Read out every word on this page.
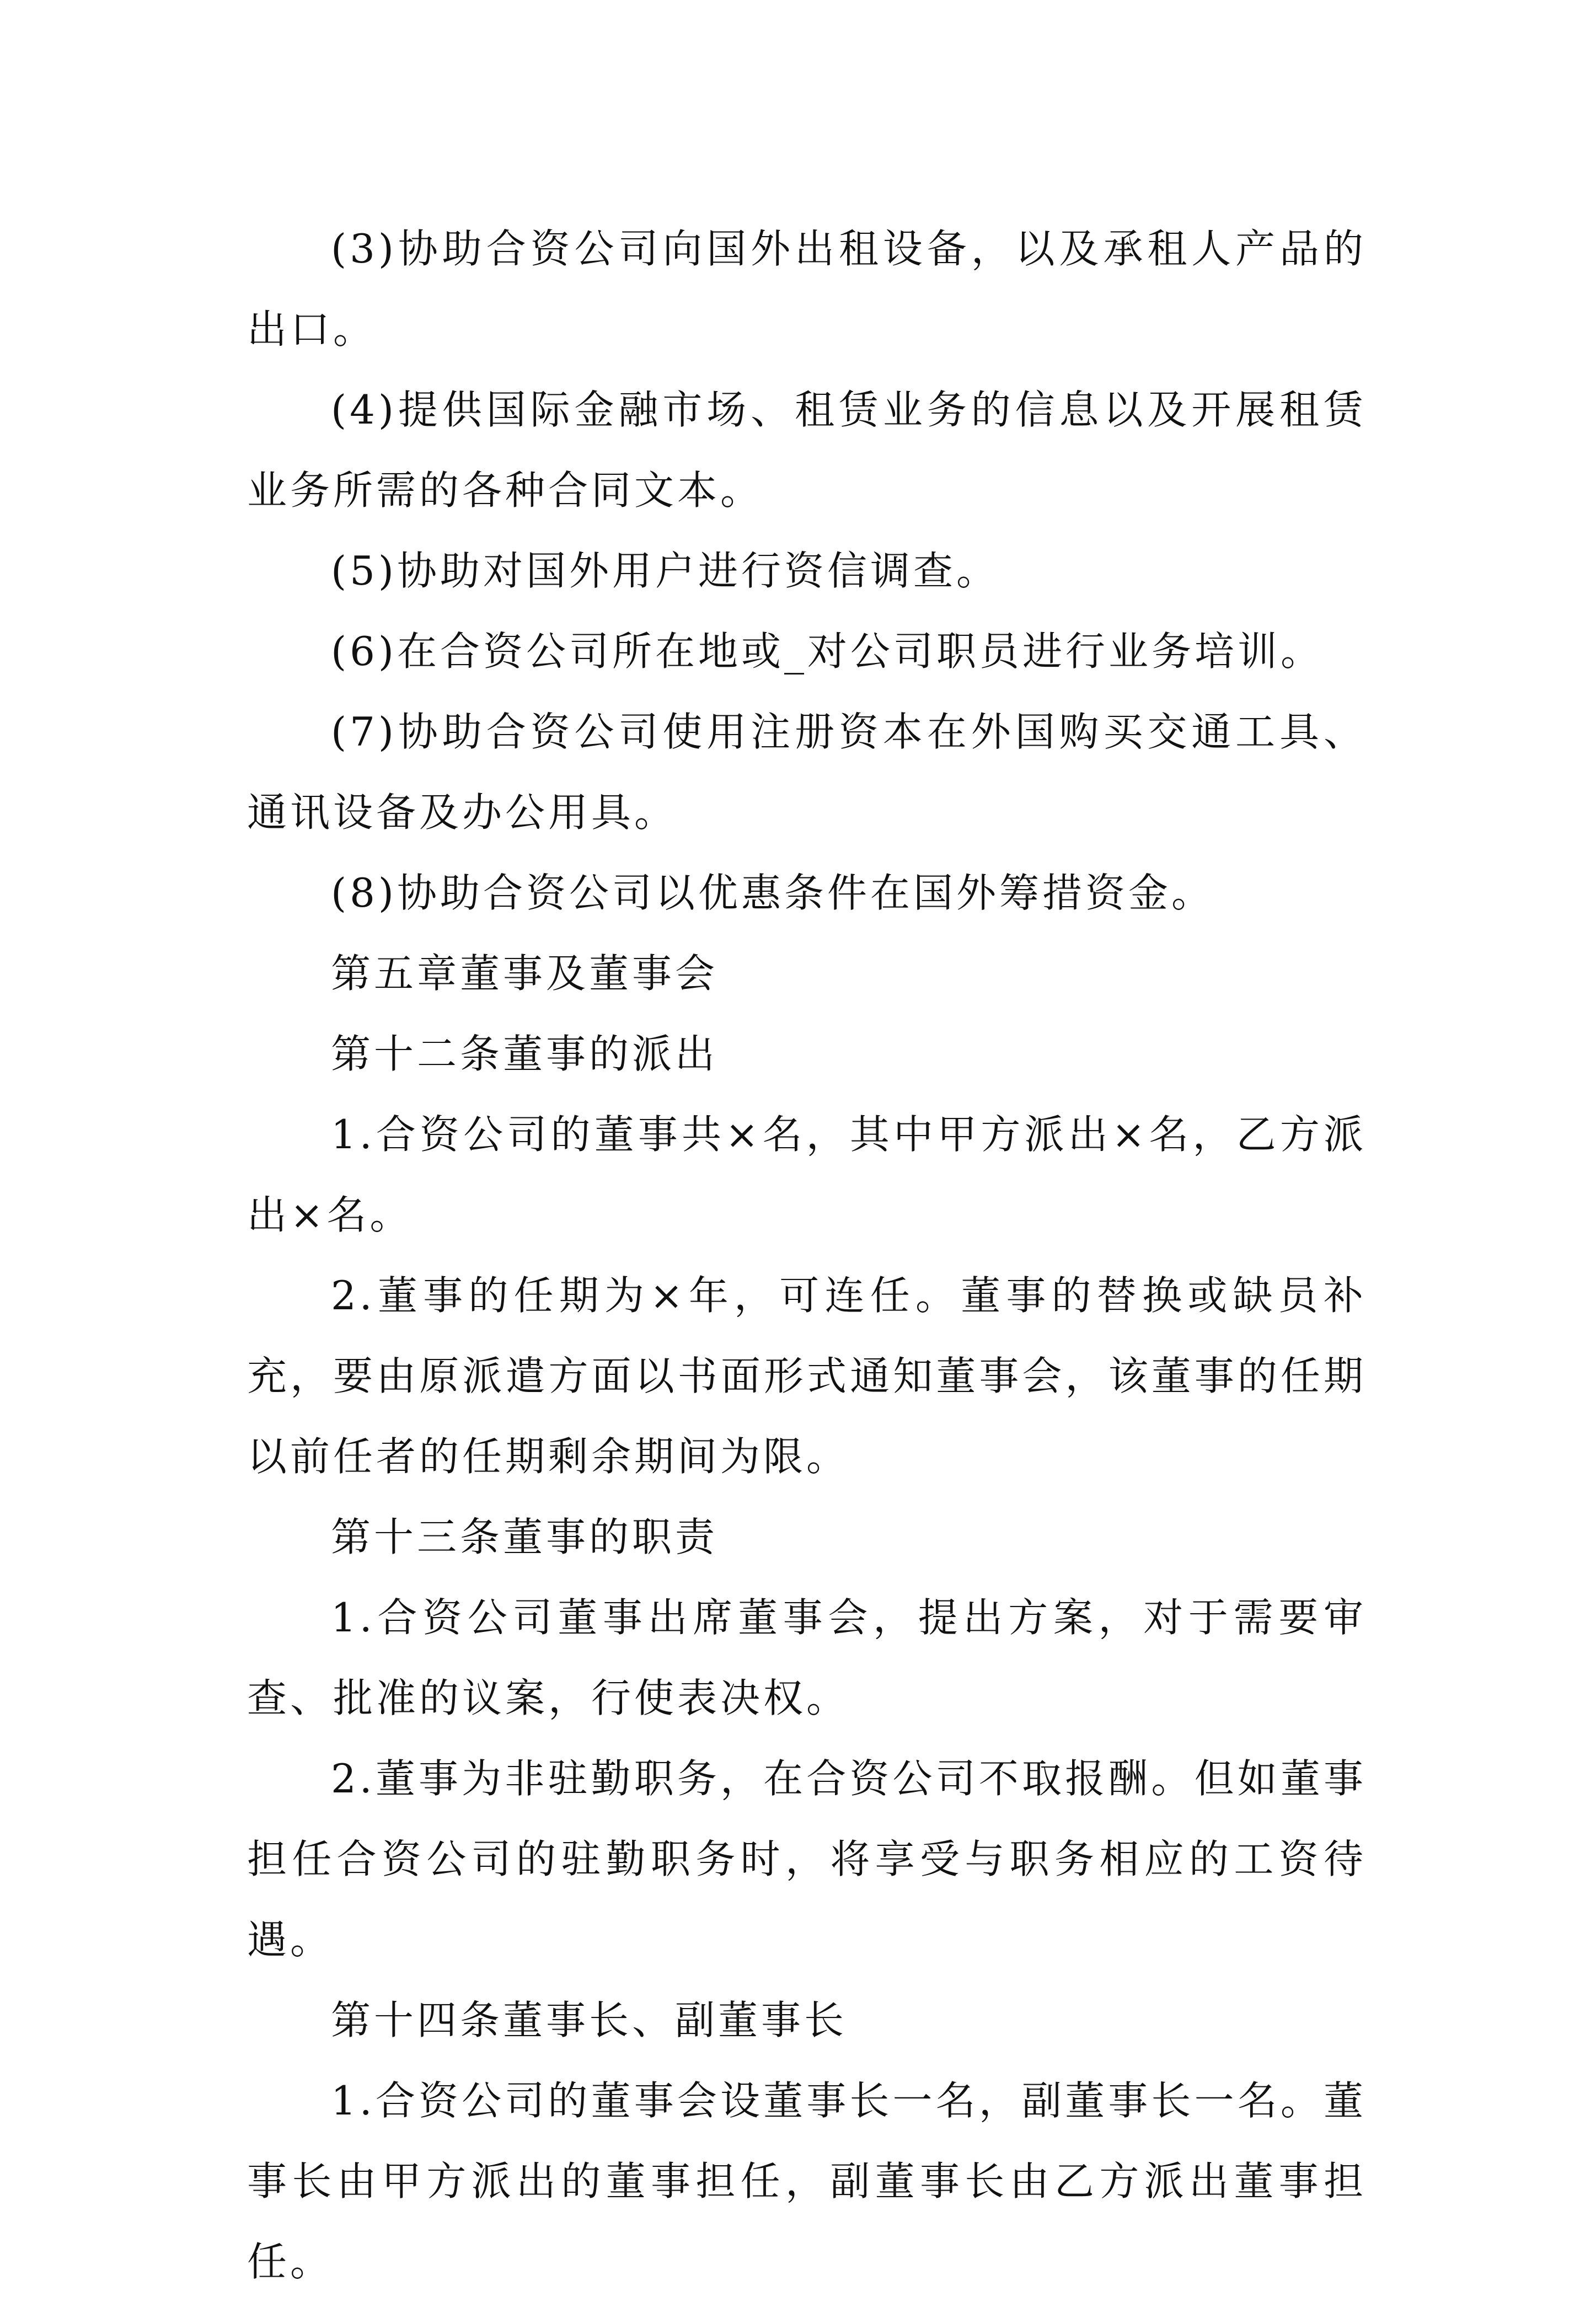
(3)协助合资公司向国外出租设备，以及承租人产品的出口。

(4)提供国际金融市场、租赁业务的信息以及开展租赁业务所需的各种合同文本。

(5)协助对国外用户进行资信调查。

(6)在合资公司所在地或_对公司职员进行业务培训。

(7)协助合资公司使用注册资本在外国购买交通工具、通讯设备及办公用具。

(8)协助合资公司以优惠条件在国外筹措资金。

第五章董事及董事会

第十二条董事的派出

1.合资公司的董事共×名，其中甲方派出×名，乙方派出×名。

2.董事的任期为×年，可连任。董事的替换或缺员补充，要由原派遣方面以书面形式通知董事会，该董事的任期以前任者的任期剩余期间为限。

第十三条董事的职责

1.合资公司董事出席董事会，提出方案，对于需要审查、批准的议案，行使表决权。

2.董事为非驻勤职务，在合资公司不取报酬。但如董事担任合资公司的驻勤职务时，将享受与职务相应的工资待遇。

第十四条董事长、副董事长

1.合资公司的董事会设董事长一名，副董事长一名。董事长由甲方派出的董事担任，副董事长由乙方派出董事担任。
